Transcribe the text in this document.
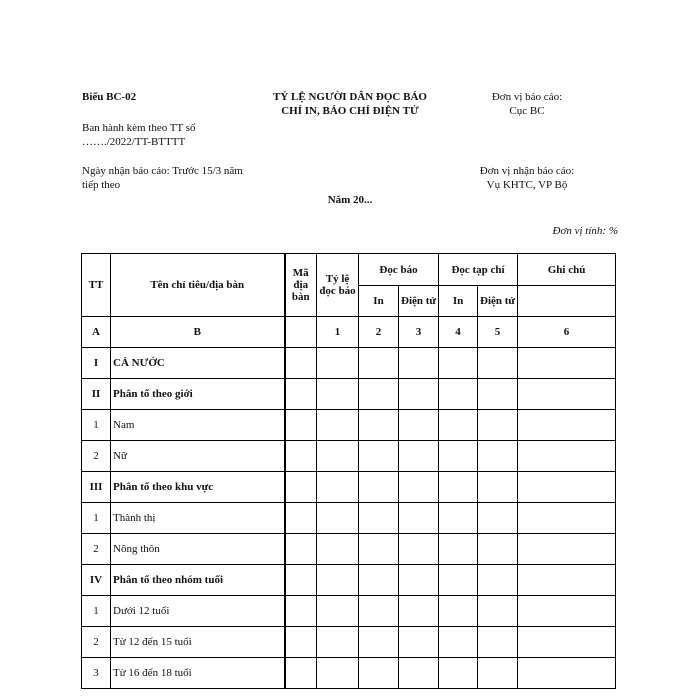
Biểu BC-02
Ban hành kèm theo TT số
……./2022/TT-BTTTT
Ngày nhận báo cáo: Trước 15/3 năm
tiếp theo
TỶ LỆ NGƯỜI DÂN ĐỌC BÁO
CHÍ IN, BÁO CHÍ ĐIỆN TỬ
Năm 20...
Đơn vị báo cáo:
Cục BC
Đơn vị nhận báo cáo:
Vụ KHTC, VP Bộ
Đơn vị tính: %
TT	Tên chỉ tiêu/địa bàn	Mã địa bàn	Tỷ lệ đọc báo	Đọc báo		Đọc tạp chí		Ghi chú
				In	Điện tử	In	Điện tử	
A	B		1	2	3	4	5	6
I	CẢ NƯỚC							
II	Phân tổ theo giới							
1	Nam							
2	Nữ							
III	Phân tổ theo khu vực							
1	Thành thị							
2	Nông thôn							
IV	Phân tổ theo nhóm tuổi							
1	Dưới 12 tuổi							
2	Từ 12 đến 15 tuổi							
3	Từ 16 đến 18 tuổi							
